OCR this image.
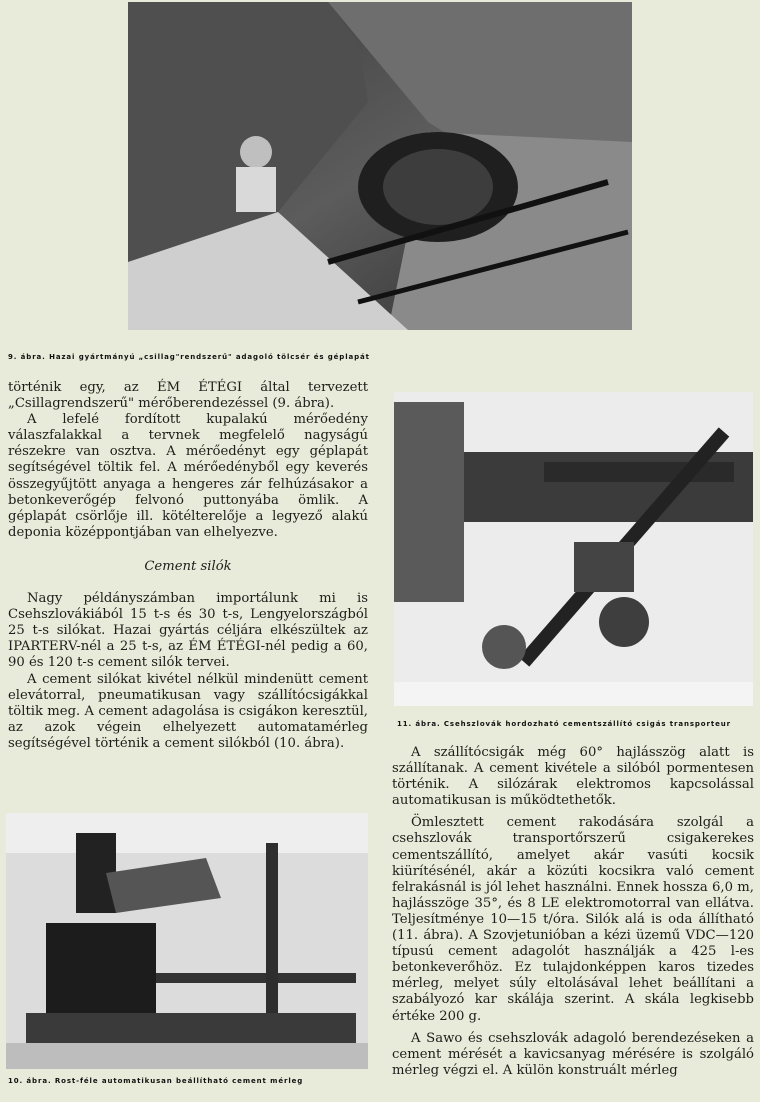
9. ábra. Hazai gyártmányú „csillag"rendszerű" adagoló tölcsér és géplapát

történik egy, az ÉM ÉTÉGI által tervezett „Csillagrendszerű" mérőberendezéssel (9. ábra).

A lefelé fordított kupalakú mérőedény válaszfalakkal a tervnek megfelelő nagyságú részekre van osztva. A mérőedényt egy géplapát segítségével töltik fel. A mérőedényből egy keverés összegyűjtött anyaga a hengeres zár felhúzásakor a betonkeverőgép felvonó puttonyába ömlik. A géplapát csörlője ill. kötélterelője a legyező alakú deponia középpontjában van elhelyezve.

Cement silók

Nagy példányszámban importálunk mi is Csehszlovákiából 15 t-s és 30 t-s, Lengyelországból 25 t-s silókat. Hazai gyártás céljára elkészültek az IPARTERV-nél a 25 t-s, az ÉM ÉTÉGI-nél pedig a 60, 90 és 120 t-s cement silók tervei.

A cement silókat kivétel nélkül mindenütt cement elevátorral, pneumatikusan vagy szállítócsigákkal töltik meg. A cement adagolása is csigákon keresztül, az azok végein elhelyezett automatamérleg segítségével történik a cement silókból (10. ábra).

11. ábra. Csehszlovák hordozható cementszállító csigás transporteur

A szállítócsigák még 60° hajlásszög alatt is szállítanak. A cement kivétele a silóból pormentesen történik. A silózárak elektromos kapcsolással automatikusan is működtethetők.

Ömlesztett cement rakodására szolgál a csehszlovák transportőrszerű csigakerekes cementszállító, amelyet akár vasúti kocsik kiürítésénél, akár a közúti kocsikra való cement felrakásnál is jól lehet használni. Ennek hossza 6,0 m, hajlásszöge 35°, és 8 LE elektromotorral van ellátva. Teljesítménye 10—15 t/óra. Silók alá is oda állítható (11. ábra). A Szovjetunióban a kézi üzemű VDC—120 típusú cement adagolót használják a 425 l-es betonkeverőhöz. Ez tulajdonképpen karos tizedes mérleg, melyet súly eltolásával lehet beállítani a szabályozó kar skálája szerint. A skála legkisebb értéke 200 g.

A Sawo és csehszlovák adagoló berendezéseken a cement mérését a kavicsanyag mérésére is szolgáló mérleg végzi el. A külön konstruált mérleg

10. ábra. Rost-féle automatikusan beállítható cement mérleg
